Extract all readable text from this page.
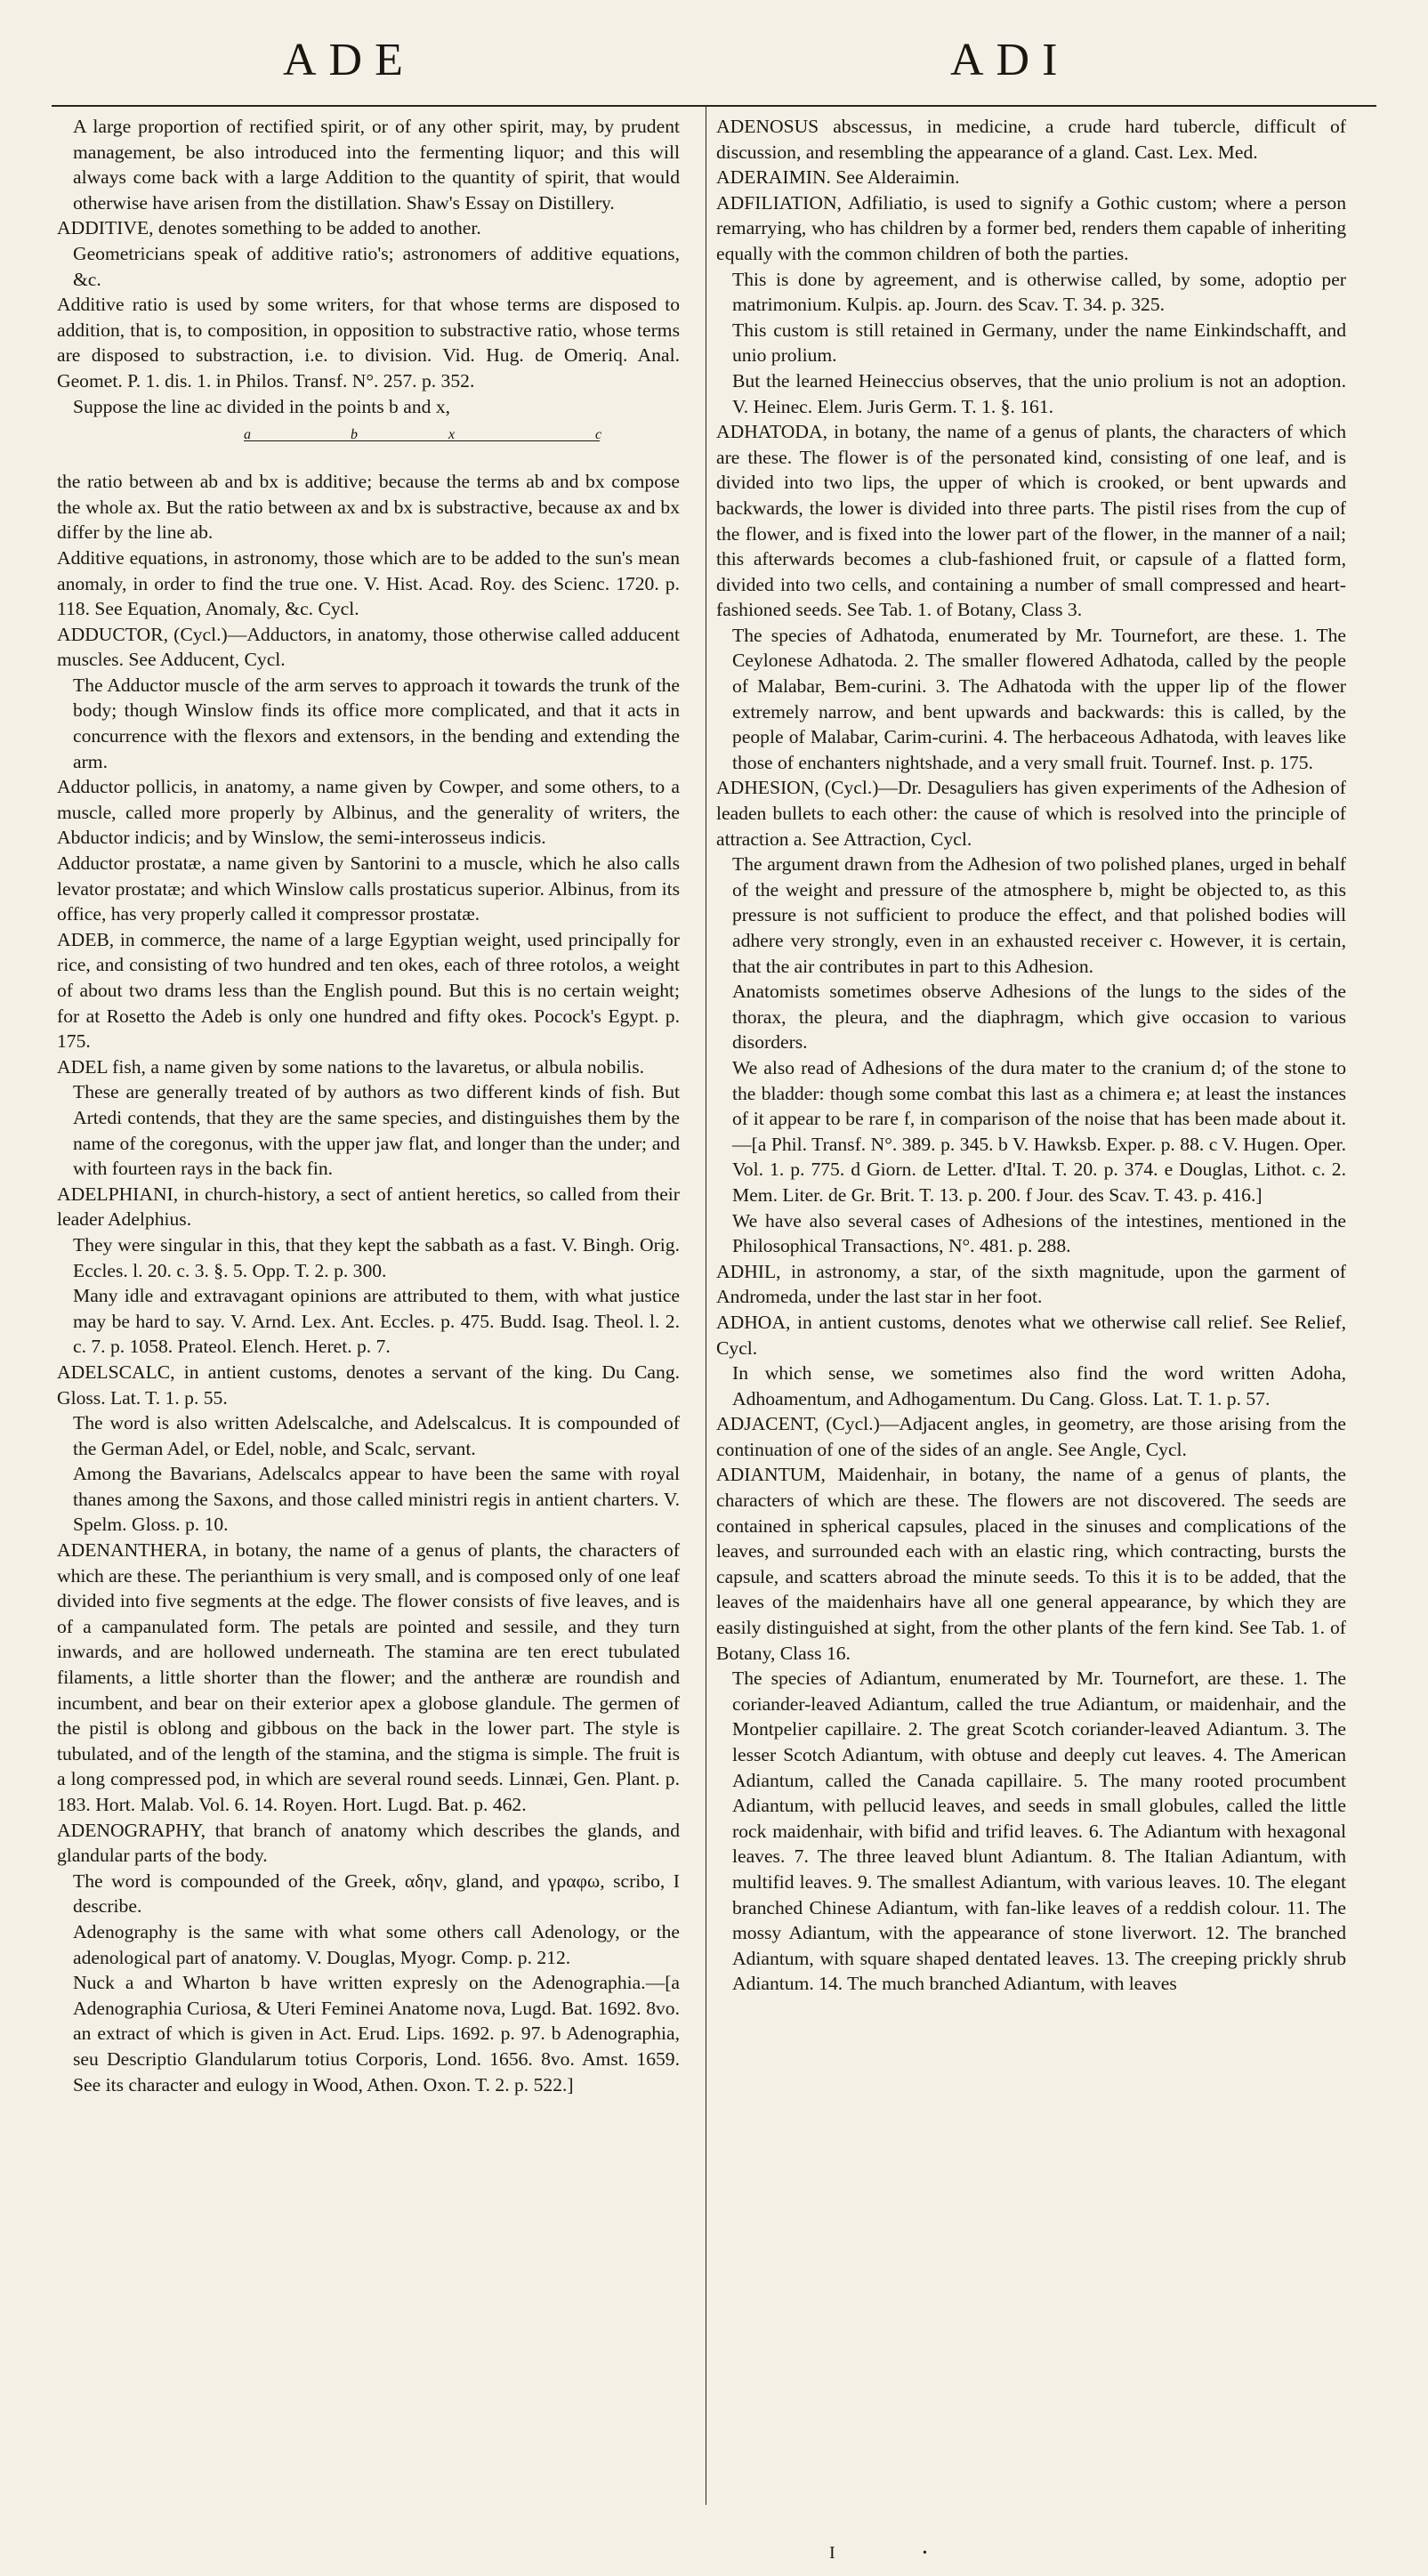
ADE	ADI

A large proportion of rectified spirit, or of any other spirit, may, by prudent management, be also introduced into the fermenting liquor; and this will always come back with a large Addition to the quantity of spirit, that would otherwise have arisen from the distillation. Shaw's Essay on Distillery.

ADDITIVE, denotes something to be added to another.

Geometricians speak of additive ratio's; astronomers of additive equations, &c.

Additive ratio is used by some writers, for that whose terms are disposed to addition, that is, to composition, in opposition to substractive ratio, whose terms are disposed to substraction, i.e. to division. Vid. Hug. de Omeriq. Anal. Geomet. P. 1. dis. 1. in Philos. Transf. N°. 257. p. 352.

Suppose the line ac divided in the points b and x,

a	b	x	c

the ratio between ab and bx is additive; because the terms ab and bx compose the whole ax. But the ratio between ax and bx is substractive, because ax and bx differ by the line ab.

Additive equations, in astronomy, those which are to be added to the sun's mean anomaly, in order to find the true one. V. Hist. Acad. Roy. des Scienc. 1720. p. 118. See Equation, Anomaly, &c. Cycl.

ADDUCTOR, (Cycl.)—Adductors, in anatomy, those otherwise called adducent muscles. See Adducent, Cycl.

The Adductor muscle of the arm serves to approach it towards the trunk of the body; though Winslow finds its office more complicated, and that it acts in concurrence with the flexors and extensors, in the bending and extending the arm.

Adductor pollicis, in anatomy, a name given by Cowper, and some others, to a muscle, called more properly by Albinus, and the generality of writers, the Abductor indicis; and by Winslow, the semi-interosseus indicis.

Adductor prostatæ, a name given by Santorini to a muscle, which he also calls levator prostatæ; and which Winslow calls prostaticus superior. Albinus, from its office, has very properly called it compressor prostatæ.

ADEB, in commerce, the name of a large Egyptian weight, used principally for rice, and consisting of two hundred and ten okes, each of three rotolos, a weight of about two drams less than the English pound. But this is no certain weight; for at Rosetto the Adeb is only one hundred and fifty okes. Pocock's Egypt. p. 175.

ADEL fish, a name given by some nations to the lavaretus, or albula nobilis.

These are generally treated of by authors as two different kinds of fish. But Artedi contends, that they are the same species, and distinguishes them by the name of the coregonus, with the upper jaw flat, and longer than the under; and with fourteen rays in the back fin.

ADELPHIANI, in church-history, a sect of antient heretics, so called from their leader Adelphius.

They were singular in this, that they kept the sabbath as a fast. V. Bingh. Orig. Eccles. l. 20. c. 3. §. 5. Opp. T. 2. p. 300.

Many idle and extravagant opinions are attributed to them, with what justice may be hard to say. V. Arnd. Lex. Ant. Eccles. p. 475. Budd. Isag. Theol. l. 2. c. 7. p. 1058. Prateol. Elench. Heret. p. 7.

ADELSCALC, in antient customs, denotes a servant of the king. Du Cang. Gloss. Lat. T. 1. p. 55.

The word is also written Adelscalche, and Adelscalcus. It is compounded of the German Adel, or Edel, noble, and Scalc, servant.

Among the Bavarians, Adelscalcs appear to have been the same with royal thanes among the Saxons, and those called ministri regis in antient charters. V. Spelm. Gloss. p. 10.

ADENANTHERA, in botany, the name of a genus of plants, the characters of which are these. The perianthium is very small, and is composed only of one leaf divided into five segments at the edge. The flower consists of five leaves, and is of a campanulated form. The petals are pointed and sessile, and they turn inwards, and are hollowed underneath. The stamina are ten erect tubulated filaments, a little shorter than the flower; and the antheræ are roundish and incumbent, and bear on their exterior apex a globose glandule. The germen of the pistil is oblong and gibbous on the back in the lower part. The style is tubulated, and of the length of the stamina, and the stigma is simple. The fruit is a long compressed pod, in which are several round seeds. Linnæi, Gen. Plant. p. 183. Hort. Malab. Vol. 6. 14. Royen. Hort. Lugd. Bat. p. 462.

ADENOGRAPHY, that branch of anatomy which describes the glands, and glandular parts of the body.

The word is compounded of the Greek, αδην, gland, and γραφω, scribo, I describe.

Adenography is the same with what some others call Adenology, or the adenological part of anatomy. V. Douglas, Myogr. Comp. p. 212.

Nuck a and Wharton b have written expresly on the Adenographia.—[a Adenographia Curiosa, & Uteri Feminei Anatome nova, Lugd. Bat. 1692. 8vo. an extract of which is given in Act. Erud. Lips. 1692. p. 97. b Adenographia, seu Descriptio Glandularum totius Corporis, Lond. 1656. 8vo. Amst. 1659. See its character and eulogy in Wood, Athen. Oxon. T. 2. p. 522.]

ADENOSUS abscessus, in medicine, a crude hard tubercle, difficult of discussion, and resembling the appearance of a gland. Cast. Lex. Med.

ADERAIMIN. See Alderaimin.

ADFILIATION, Adfiliatio, is used to signify a Gothic custom; where a person remarrying, who has children by a former bed, renders them capable of inheriting equally with the common children of both the parties.

This is done by agreement, and is otherwise called, by some, adoptio per matrimonium. Kulpis. ap. Journ. des Scav. T. 34. p. 325.

This custom is still retained in Germany, under the name Einkindschafft, and unio prolium.

But the learned Heineccius observes, that the unio prolium is not an adoption. V. Heinec. Elem. Juris Germ. T. 1. §. 161.

ADHATODA, in botany, the name of a genus of plants, the characters of which are these. The flower is of the personated kind, consisting of one leaf, and is divided into two lips, the upper of which is crooked, or bent upwards and backwards, the lower is divided into three parts. The pistil rises from the cup of the flower, and is fixed into the lower part of the flower, in the manner of a nail; this afterwards becomes a club-fashioned fruit, or capsule of a flatted form, divided into two cells, and containing a number of small compressed and heart-fashioned seeds. See Tab. 1. of Botany, Class 3.

The species of Adhatoda, enumerated by Mr. Tournefort, are these. 1. The Ceylonese Adhatoda. 2. The smaller flowered Adhatoda, called by the people of Malabar, Bem-curini. 3. The Adhatoda with the upper lip of the flower extremely narrow, and bent upwards and backwards: this is called, by the people of Malabar, Carim-curini. 4. The herbaceous Adhatoda, with leaves like those of enchanters nightshade, and a very small fruit. Tournef. Inst. p. 175.

ADHESION, (Cycl.)—Dr. Desaguliers has given experiments of the Adhesion of leaden bullets to each other: the cause of which is resolved into the principle of attraction a. See Attraction, Cycl.

The argument drawn from the Adhesion of two polished planes, urged in behalf of the weight and pressure of the atmosphere b, might be objected to, as this pressure is not sufficient to produce the effect, and that polished bodies will adhere very strongly, even in an exhausted receiver c. However, it is certain, that the air contributes in part to this Adhesion.

Anatomists sometimes observe Adhesions of the lungs to the sides of the thorax, the pleura, and the diaphragm, which give occasion to various disorders.

We also read of Adhesions of the dura mater to the cranium d; of the stone to the bladder: though some combat this last as a chimera e; at least the instances of it appear to be rare f, in comparison of the noise that has been made about it.—[a Phil. Transf. N°. 389. p. 345. b V. Hawksb. Exper. p. 88. c V. Hugen. Oper. Vol. 1. p. 775. d Giorn. de Letter. d'Ital. T. 20. p. 374. e Douglas, Lithot. c. 2. Mem. Liter. de Gr. Brit. T. 13. p. 200. f Jour. des Scav. T. 43. p. 416.]

We have also several cases of Adhesions of the intestines, mentioned in the Philosophical Transactions, N°. 481. p. 288.

ADHIL, in astronomy, a star, of the sixth magnitude, upon the garment of Andromeda, under the last star in her foot.

ADHOA, in antient customs, denotes what we otherwise call relief. See Relief, Cycl.

In which sense, we sometimes also find the word written Adoha, Adhoamentum, and Adhogamentum. Du Cang. Gloss. Lat. T. 1. p. 57.

ADJACENT, (Cycl.)—Adjacent angles, in geometry, are those arising from the continuation of one of the sides of an angle. See Angle, Cycl.

ADIANTUM, Maidenhair, in botany, the name of a genus of plants, the characters of which are these. The flowers are not discovered. The seeds are contained in spherical capsules, placed in the sinuses and complications of the leaves, and surrounded each with an elastic ring, which contracting, bursts the capsule, and scatters abroad the minute seeds. To this it is to be added, that the leaves of the maidenhairs have all one general appearance, by which they are easily distinguished at sight, from the other plants of the fern kind. See Tab. 1. of Botany, Class 16.

The species of Adiantum, enumerated by Mr. Tournefort, are these. 1. The coriander-leaved Adiantum, called the true Adiantum, or maidenhair, and the Montpelier capillaire. 2. The great Scotch coriander-leaved Adiantum. 3. The lesser Scotch Adiantum, with obtuse and deeply cut leaves. 4. The American Adiantum, called the Canada capillaire. 5. The many rooted procumbent Adiantum, with pellucid leaves, and seeds in small globules, called the little rock maidenhair, with bifid and trifid leaves. 6. The Adiantum with hexagonal leaves. 7. The three leaved blunt Adiantum. 8. The Italian Adiantum, with multifid leaves. 9. The smallest Adiantum, with various leaves. 10. The elegant branched Chinese Adiantum, with fan-like leaves of a reddish colour. 11. The mossy Adiantum, with the appearance of stone liverwort. 12. The branched Adiantum, with square shaped dentated leaves. 13. The creeping prickly shrub Adiantum. 14. The much branched Adiantum, with leaves

I	•
